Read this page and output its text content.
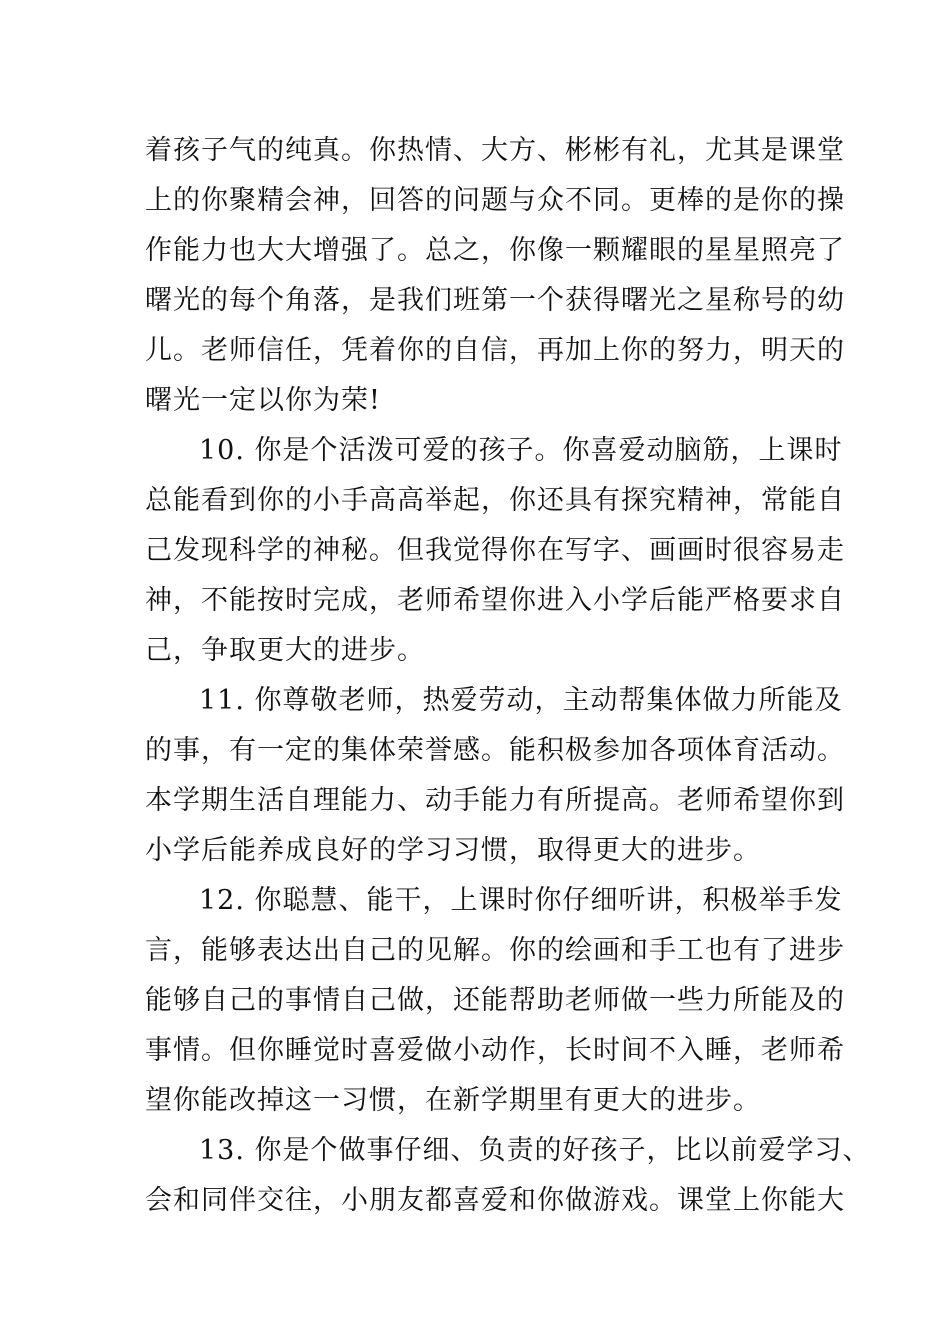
着孩子气的纯真。你热情、大方、彬彬有礼，尤其是课堂
上的你聚精会神，回答的问题与众不同。更棒的是你的操
作能力也大大增强了。总之，你像一颗耀眼的星星照亮了
曙光的每个角落，是我们班第一个获得曙光之星称号的幼
儿。老师信任，凭着你的自信，再加上你的努力，明天的
曙光一定以你为荣!
10. 你是个活泼可爱的孩子。你喜爱动脑筋，上课时
总能看到你的小手高高举起，你还具有探究精神，常能自
己发现科学的神秘。但我觉得你在写字、画画时很容易走
神，不能按时完成，老师希望你进入小学后能严格要求自
己，争取更大的进步。
11. 你尊敬老师，热爱劳动，主动帮集体做力所能及
的事，有一定的集体荣誉感。能积极参加各项体育活动。
本学期生活自理能力、动手能力有所提高。老师希望你到
小学后能养成良好的学习习惯，取得更大的进步。
12. 你聪慧、能干，上课时你仔细听讲，积极举手发
言，能够表达出自己的见解。你的绘画和手工也有了进步
能够自己的事情自己做，还能帮助老师做一些力所能及的
事情。但你睡觉时喜爱做小动作，长时间不入睡，老师希
望你能改掉这一习惯，在新学期里有更大的进步。
13. 你是个做事仔细、负责的好孩子，比以前爱学习、
会和同伴交往，小朋友都喜爱和你做游戏。课堂上你能大
